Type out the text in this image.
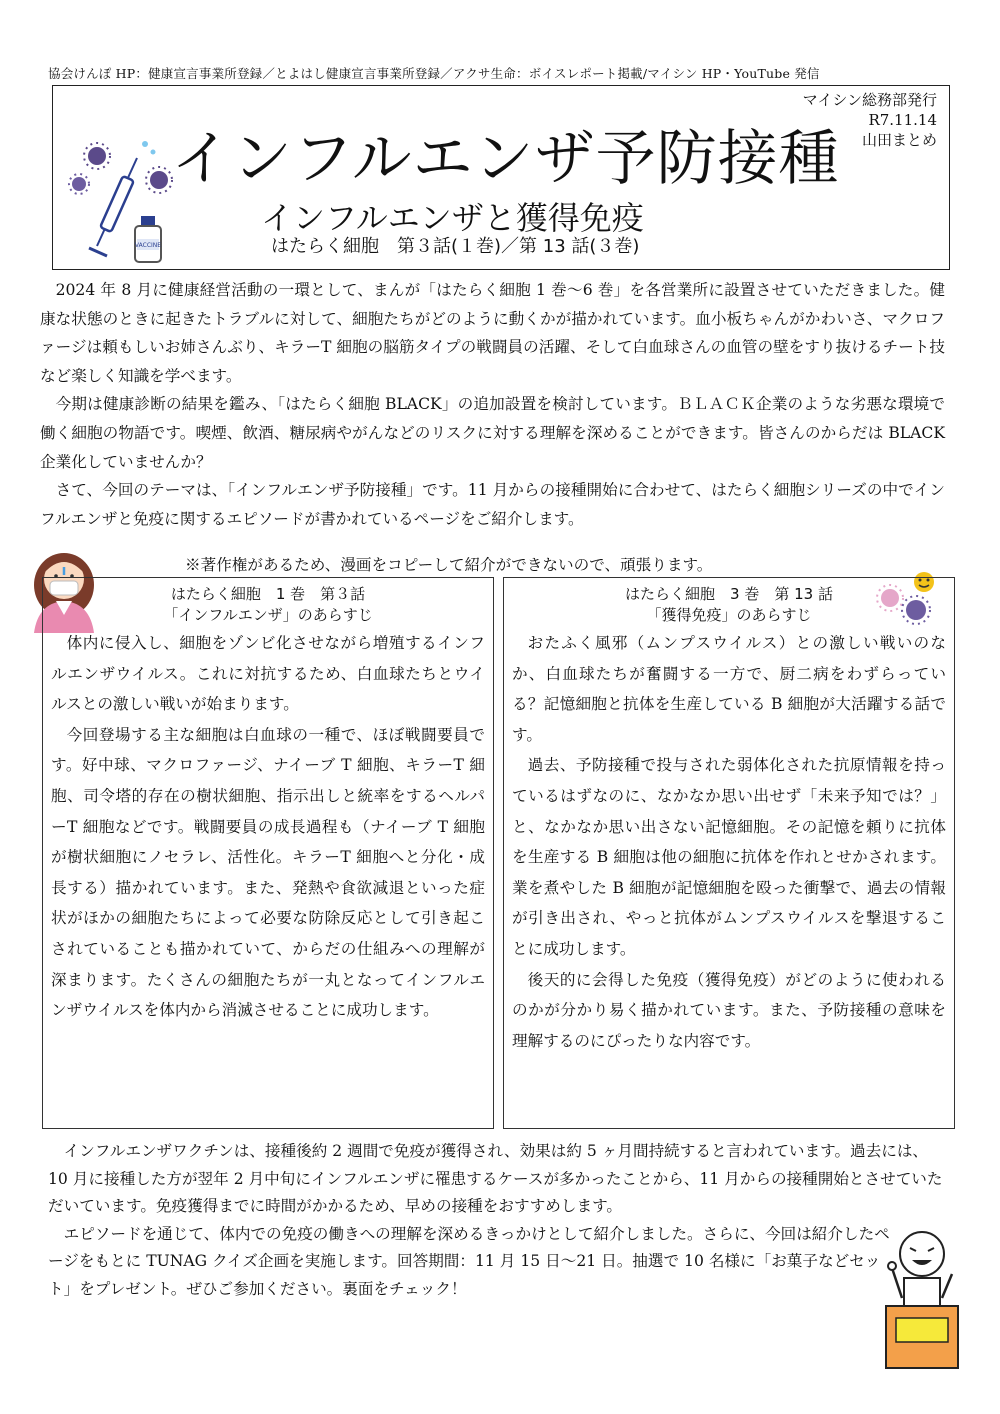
協会けんぽ HP：健康宣言事業所登録／とよはし健康宣言事業所登録／アクサ生命：ボイスレポート掲載/マイシン HP・YouTube 発信
マイシン総務部発行
R7.11.14
山田まとめ
VACCINE
インフルエンザ予防接種
インフルエンザと獲得免疫
はたらく細胞　第３話(１巻)／第 13 話(３巻)

2024 年 8 月に健康経営活動の一環として、まんが「はたらく細胞 1 巻〜6 巻」を各営業所に設置させていただきました。健康な状態のときに起きたトラブルに対して、細胞たちがどのように動くかが描かれています。血小板ちゃんがかわいさ、マクロファージは頼もしいお姉さんぶり、キラーT 細胞の脳筋タイプの戦闘員の活躍、そして白血球さんの血管の壁をすり抜けるチート技など楽しく知識を学べます。

今期は健康診断の結果を鑑み、「はたらく細胞 BLACK」の追加設置を検討しています。ＢＬＡＣＫ企業のような劣悪な環境で働く細胞の物語です。喫煙、飲酒、糖尿病やがんなどのリスクに対する理解を深めることができます。皆さんのからだは BLACK 企業化していませんか？

さて、今回のテーマは、「インフルエンザ予防接種」です。11 月からの接種開始に合わせて、はたらく細胞シリーズの中でインフルエンザと免疫に関するエピソードが書かれているページをご紹介します。

※著作権があるため、漫画をコピーして紹介ができないので、頑張ります。
はたらく細胞　1 巻　第３話
「インフルエンザ」のあらすじ

体内に侵入し、細胞をゾンビ化させながら増殖するインフルエンザウイルス。これに対抗するため、白血球たちとウイルスとの激しい戦いが始まります。

今回登場する主な細胞は白血球の一種で、ほぼ戦闘要員です。好中球、マクロファージ、ナイーブ T 細胞、キラーT 細胞、司令塔的存在の樹状細胞、指示出しと統率をするヘルパーT 細胞などです。戦闘要員の成長過程も（ナイーブ T 細胞が樹状細胞にノセラレ、活性化。キラーT 細胞へと分化・成長する）描かれています。また、発熱や食欲減退といった症状がほかの細胞たちによって必要な防除反応として引き起こされていることも描かれていて、からだの仕組みへの理解が深まります。たくさんの細胞たちが一丸となってインフルエンザウイルスを体内から消滅させることに成功します。

はたらく細胞　3 巻　第 13 話
「獲得免疫」のあらすじ

おたふく風邪（ムンプスウイルス）との激しい戦いのなか、白血球たちが奮闘する一方で、厨二病をわずらっている？記憶細胞と抗体を生産している B 細胞が大活躍する話です。

過去、予防接種で投与された弱体化された抗原情報を持っているはずなのに、なかなか思い出せず「未来予知では？」と、なかなか思い出さない記憶細胞。その記憶を頼りに抗体を生産する B 細胞は他の細胞に抗体を作れとせかされます。業を煮やした B 細胞が記憶細胞を殴った衝撃で、過去の情報が引き出され、やっと抗体がムンプスウイルスを撃退することに成功します。

後天的に会得した免疫（獲得免疫）がどのように使われるのかが分かり易く描かれています。また、予防接種の意味を理解するのにぴったりな内容です。

インフルエンザワクチンは、接種後約 2 週間で免疫が獲得され、効果は約 5 ヶ月間持続すると言われています。過去には、10 月に接種した方が翌年 2 月中旬にインフルエンザに罹患するケースが多かったことから、11 月からの接種開始とさせていただいています。免疫獲得までに時間がかかるため、早めの接種をおすすめします。

エピソードを通じて、体内での免疫の働きへの理解を深めるきっかけとして紹介しました。さらに、今回は紹介したページをもとに TUNAG クイズ企画を実施します。回答期間：11 月 15 日〜21 日。抽選で 10 名様に「お菓子などセット」をプレゼント。ぜひご参加ください。裏面をチェック！
